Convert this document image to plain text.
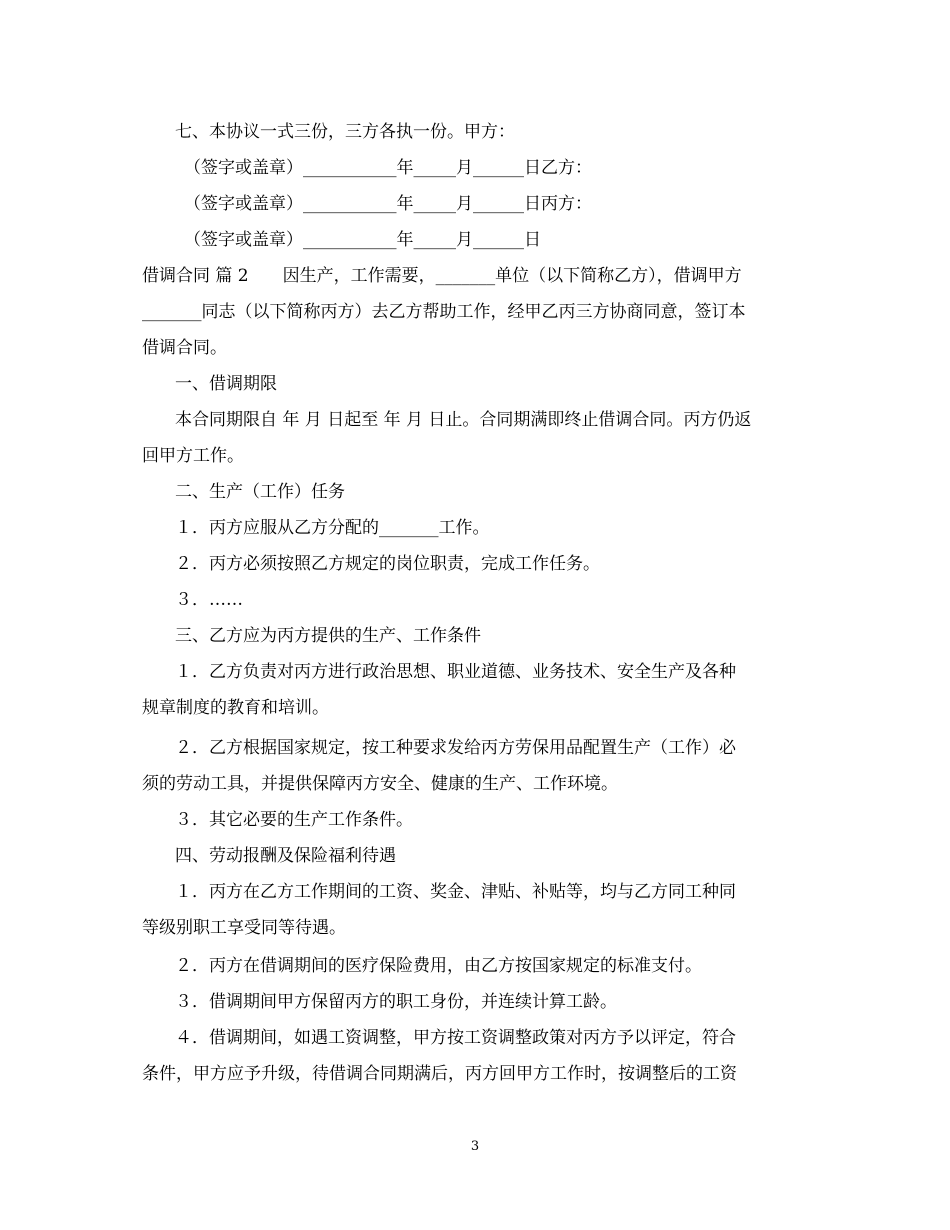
七、本协议一式三份，三方各执一份。甲方：
（签字或盖章）___________年_____月______日乙方：
（签字或盖章）___________年_____月______日丙方：
（签字或盖章）___________年_____月______日
借调合同 篇 2　　因生产，工作需要，_______单位（以下简称乙方），借调甲方
_______同志（以下简称丙方）去乙方帮助工作，经甲乙丙三方协商同意，签订本
借调合同。
一、借调期限
本合同期限自 年 月 日起至 年 月 日止。合同期满即终止借调合同。丙方仍返
回甲方工作。
二、生产（工作）任务
１．丙方应服从乙方分配的_______工作。
２．丙方必须按照乙方规定的岗位职责，完成工作任务。
３．……
三、乙方应为丙方提供的生产、工作条件
１．乙方负责对丙方进行政治思想、职业道德、业务技术、安全生产及各种
规章制度的教育和培训。
２．乙方根据国家规定，按工种要求发给丙方劳保用品配置生产（工作）必
须的劳动工具，并提供保障丙方安全、健康的生产、工作环境。
３．其它必要的生产工作条件。
四、劳动报酬及保险福利待遇
１．丙方在乙方工作期间的工资、奖金、津贴、补贴等，均与乙方同工种同
等级别职工享受同等待遇。
２．丙方在借调期间的医疗保险费用，由乙方按国家规定的标准支付。
３．借调期间甲方保留丙方的职工身份，并连续计算工龄。
４．借调期间，如遇工资调整，甲方按工资调整政策对丙方予以评定，符合
条件，甲方应予升级，待借调合同期满后，丙方回甲方工作时，按调整后的工资
3
